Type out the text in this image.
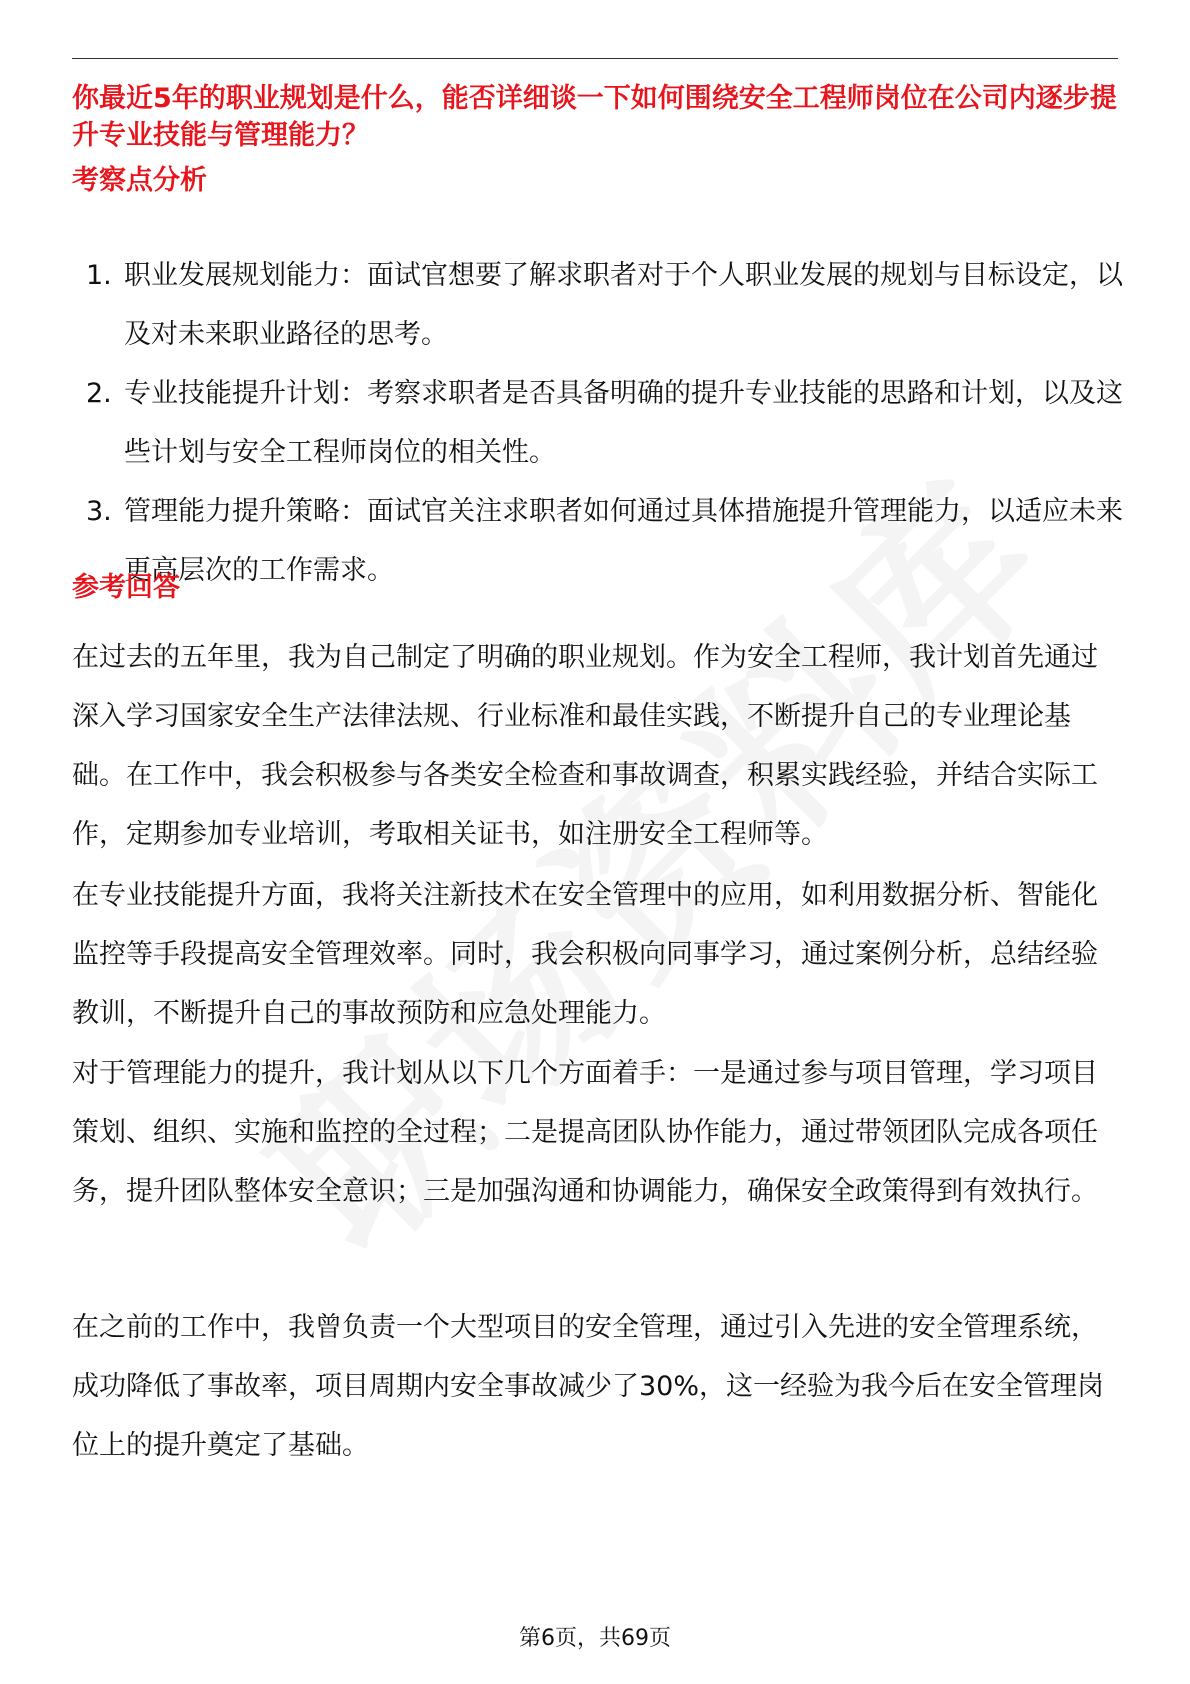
你最近5年的职业规划是什么，能否详细谈一下如何围绕安全工程师岗位在公司内逐步提升专业技能与管理能力？
考察点分析
1. 职业发展规划能力：面试官想要了解求职者对于个人职业发展的规划与目标设定，以及对未来职业路径的思考。
2. 专业技能提升计划：考察求职者是否具备明确的提升专业技能的思路和计划，以及这些计划与安全工程师岗位的相关性。
3. 管理能力提升策略：面试官关注求职者如何通过具体措施提升管理能力，以适应未来更高层次的工作需求。
参考回答

在过去的五年里，我为自己制定了明确的职业规划。作为安全工程师，我计划首先通过深入学习国家安全生产法律法规、行业标准和最佳实践，不断提升自己的专业理论基础。在工作中，我会积极参与各类安全检查和事故调查，积累实践经验，并结合实际工作，定期参加专业培训，考取相关证书，如注册安全工程师等。

在专业技能提升方面，我将关注新技术在安全管理中的应用，如利用数据分析、智能化监控等手段提高安全管理效率。同时，我会积极向同事学习，通过案例分析，总结经验教训，不断提升自己的事故预防和应急处理能力。

对于管理能力的提升，我计划从以下几个方面着手：一是通过参与项目管理，学习项目策划、组织、实施和监控的全过程；二是提高团队协作能力，通过带领团队完成各项任务，提升团队整体安全意识；三是加强沟通和协调能力，确保安全政策得到有效执行。

在之前的工作中，我曾负责一个大型项目的安全管理，通过引入先进的安全管理系统，成功降低了事故率，项目周期内安全事故减少了30%，这一经验为我今后在安全管理岗位上的提升奠定了基础。

第6页，共69页
